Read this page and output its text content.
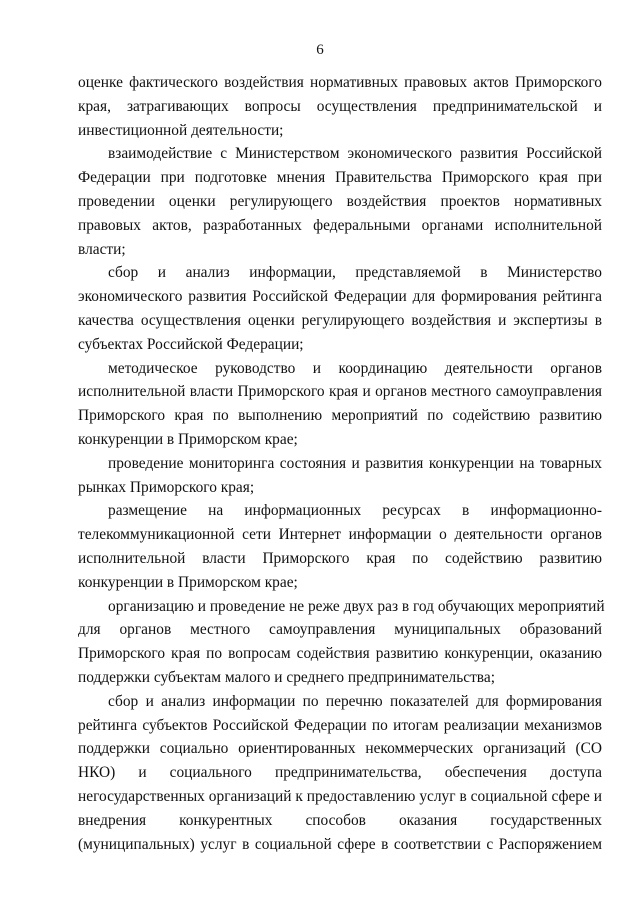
6
оценке фактического воздействия нормативных правовых актов Приморского
края, затрагивающих вопросы осуществления предпринимательской и
инвестиционной деятельности;
взаимодействие с Министерством экономического развития Российской
Федерации при подготовке мнения Правительства Приморского края при
проведении оценки регулирующего воздействия проектов нормативных
правовых актов, разработанных федеральными органами исполнительной
власти;
сбор и анализ информации, представляемой в Министерство
экономического развития Российской Федерации для формирования рейтинга
качества осуществления оценки регулирующего воздействия и экспертизы в
субъектах Российской Федерации;
методическое руководство и координацию деятельности органов
исполнительной власти Приморского края и органов местного самоуправления
Приморского края по выполнению мероприятий по содействию развитию
конкуренции в Приморском крае;
проведение мониторинга состояния и развития конкуренции на товарных
рынках Приморского края;
размещение на информационных ресурсах в информационно-
телекоммуникационной сети Интернет информации о деятельности органов
исполнительной власти Приморского края по содействию развитию
конкуренции в Приморском крае;
организацию и проведение не реже двух раз в год обучающих мероприятий
для органов местного самоуправления муниципальных образований
Приморского края по вопросам содействия развитию конкуренции, оказанию
поддержки субъектам малого и среднего предпринимательства;
сбор и анализ информации по перечню показателей для формирования
рейтинга субъектов Российской Федерации по итогам реализации механизмов
поддержки социально ориентированных некоммерческих организаций (СО
НКО) и социального предпринимательства, обеспечения доступа
негосударственных организаций к предоставлению услуг в социальной сфере и
внедрения конкурентных способов оказания государственных
(муниципальных) услуг в социальной сфере в соответствии с Распоряжением
